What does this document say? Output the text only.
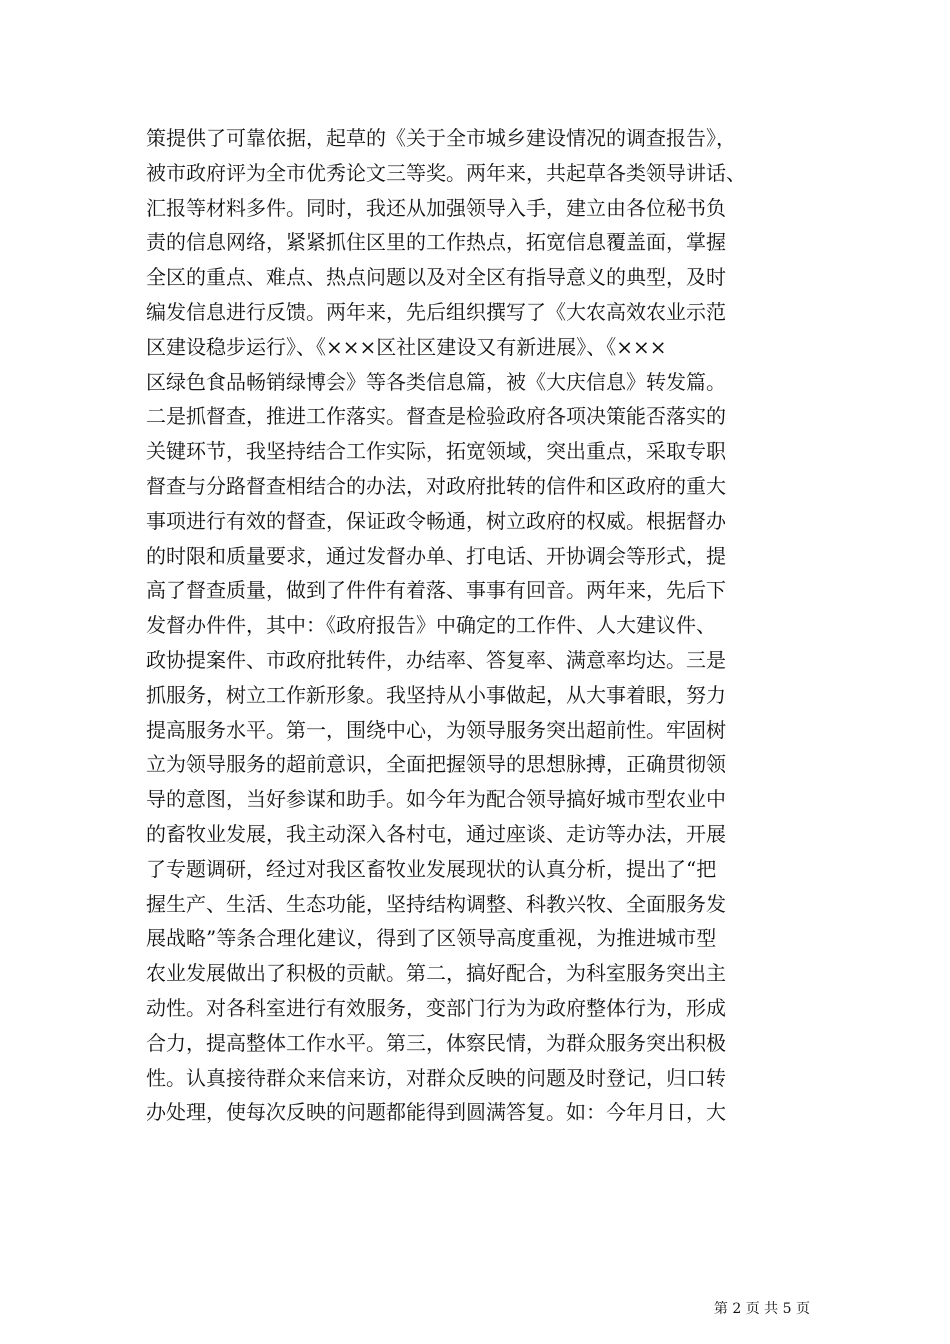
策提供了可靠依据，起草的《关于全市城乡建设情况的调查报告》，
被市政府评为全市优秀论文三等奖。两年来，共起草各类领导讲话、
汇报等材料多件。同时，我还从加强领导入手，建立由各位秘书负
责的信息网络，紧紧抓住区里的工作热点，拓宽信息覆盖面，掌握
全区的重点、难点、热点问题以及对全区有指导意义的典型，及时
编发信息进行反馈。两年来，先后组织撰写了《大农高效农业示范
区建设稳步运行》、《×××区社区建设又有新进展》、《×××
区绿色食品畅销绿博会》等各类信息篇，被《大庆信息》转发篇。
二是抓督查，推进工作落实。督查是检验政府各项决策能否落实的
关键环节，我坚持结合工作实际，拓宽领域，突出重点，采取专职
督查与分路督查相结合的办法，对政府批转的信件和区政府的重大
事项进行有效的督查，保证政令畅通，树立政府的权威。根据督办
的时限和质量要求，通过发督办单、打电话、开协调会等形式，提
高了督查质量，做到了件件有着落、事事有回音。两年来，先后下
发督办件件，其中：《政府报告》中确定的工作件、人大建议件、
政协提案件、市政府批转件，办结率、答复率、满意率均达。三是
抓服务，树立工作新形象。我坚持从小事做起，从大事着眼，努力
提高服务水平。第一，围绕中心，为领导服务突出超前性。牢固树
立为领导服务的超前意识，全面把握领导的思想脉搏，正确贯彻领
导的意图，当好参谋和助手。如今年为配合领导搞好城市型农业中
的畜牧业发展，我主动深入各村屯，通过座谈、走访等办法，开展
了专题调研，经过对我区畜牧业发展现状的认真分析，提出了“把
握生产、生活、生态功能，坚持结构调整、科教兴牧、全面服务发
展战略”等条合理化建议，得到了区领导高度重视，为推进城市型
农业发展做出了积极的贡献。第二，搞好配合，为科室服务突出主
动性。对各科室进行有效服务，变部门行为为政府整体行为，形成
合力，提高整体工作水平。第三，体察民情，为群众服务突出积极
性。认真接待群众来信来访，对群众反映的问题及时登记，归口转
办处理，使每次反映的问题都能得到圆满答复。如：今年月日，大
第 2 页 共 5 页
